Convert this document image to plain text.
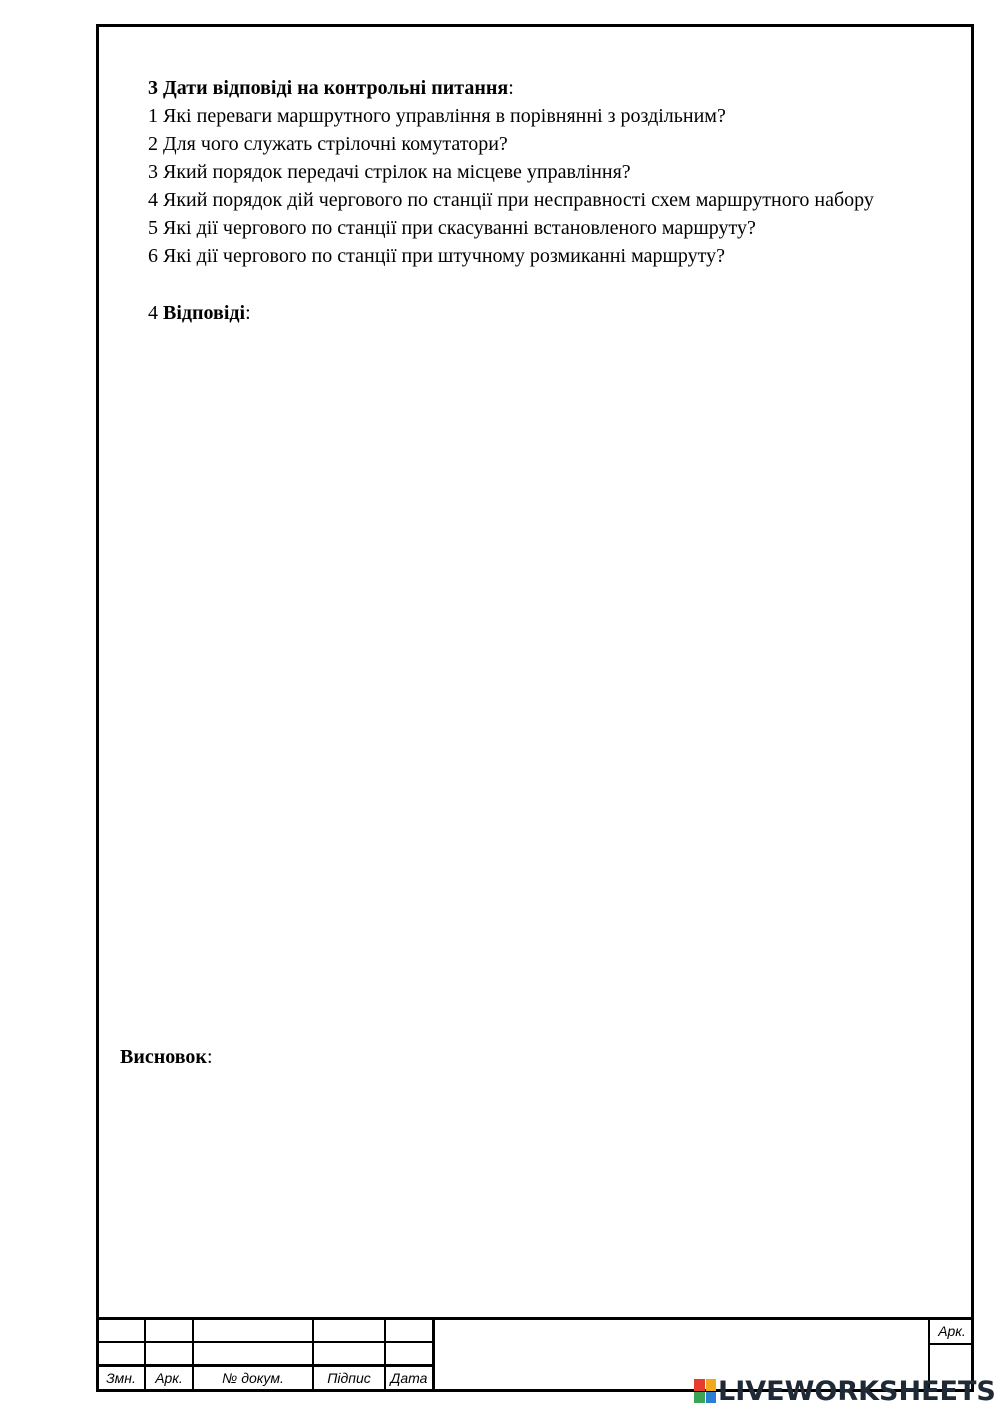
3 Дати відповіді на контрольні питання:
1 Які переваги маршрутного управління в порівнянні з роздільним?
2 Для чого служать стрілочні комутатори?
3 Який порядок передачі стрілок на місцеве управління?
4 Який порядок дій чергового по станції при несправності схем маршрутного набору
5 Які дії чергового по станції при скасуванні встановленого маршруту?
6 Які дії чергового по станції при штучному розмиканні маршруту?
4 Відповіді:
Висновок:
Змн.	Арк.	№ докум.	Підпис	Дата
Арк.
LIVEWORKSHEETS
